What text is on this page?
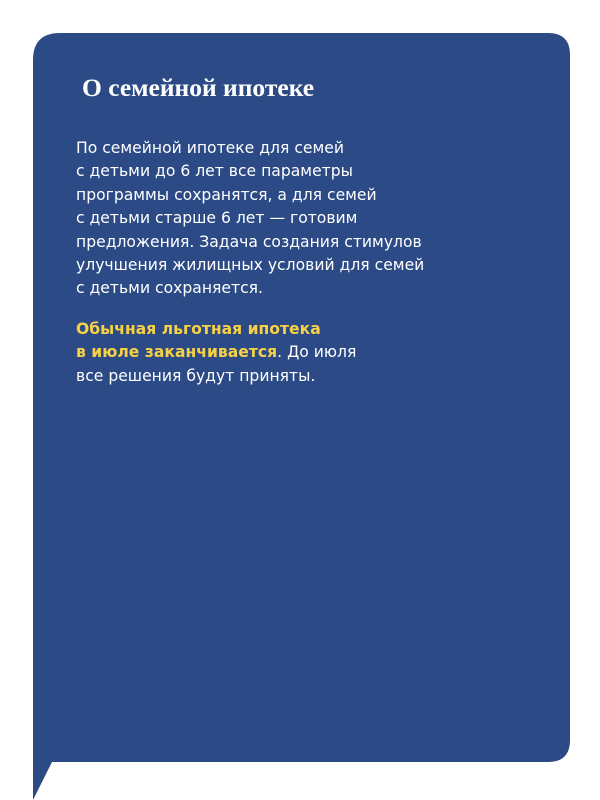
О семейной ипотеке

По семейной ипотеке для семей
с детьми до 6 лет все параметры
программы сохранятся, а для семей
с детьми старше 6 лет — готовим
предложения. Задача создания стимулов
улучшения жилищных условий для семей
с детьми сохраняется.

Обычная льготная ипотека
в июле заканчивается. До июля
все решения будут приняты.
